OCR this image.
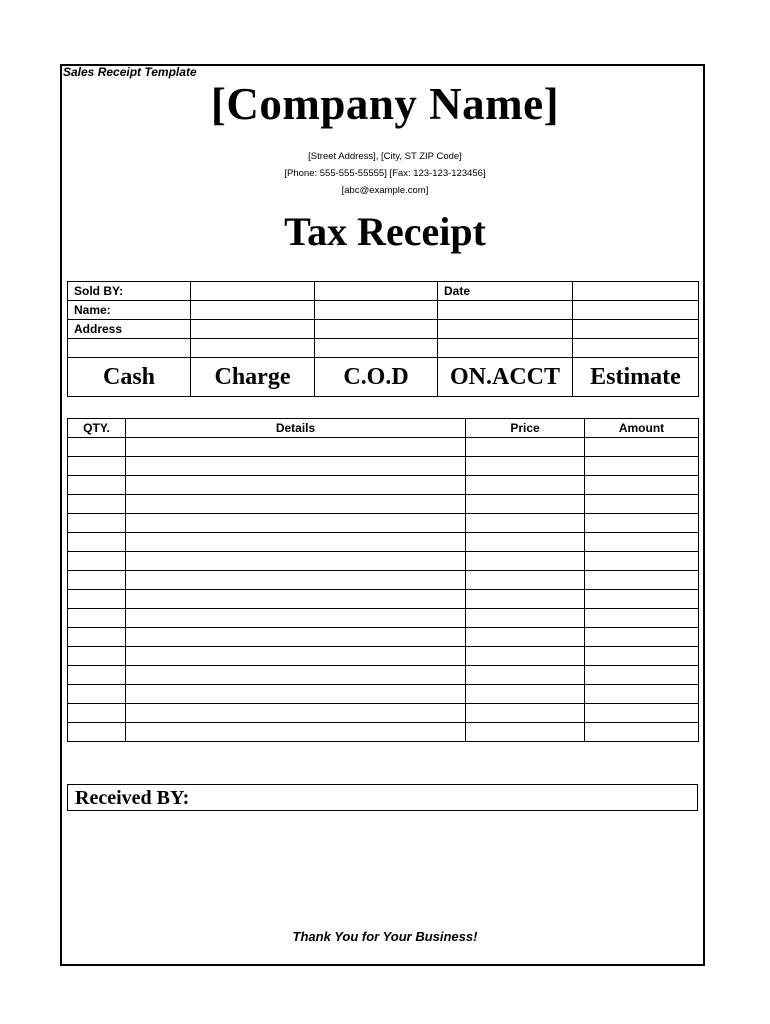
Sales Receipt Template
[Company Name]
[Street Address], [City, ST ZIP Code]
[Phone: 555-555-55555] [Fax: 123-123-123456]
[abc@example.com]
Tax Receipt
Sold BY:			Date	
Name:				
Address				

Cash	Charge	C.O.D	ON.ACCT	Estimate
QTY.	Details	Price	Amount

Received BY:
Thank You for Your Business!
